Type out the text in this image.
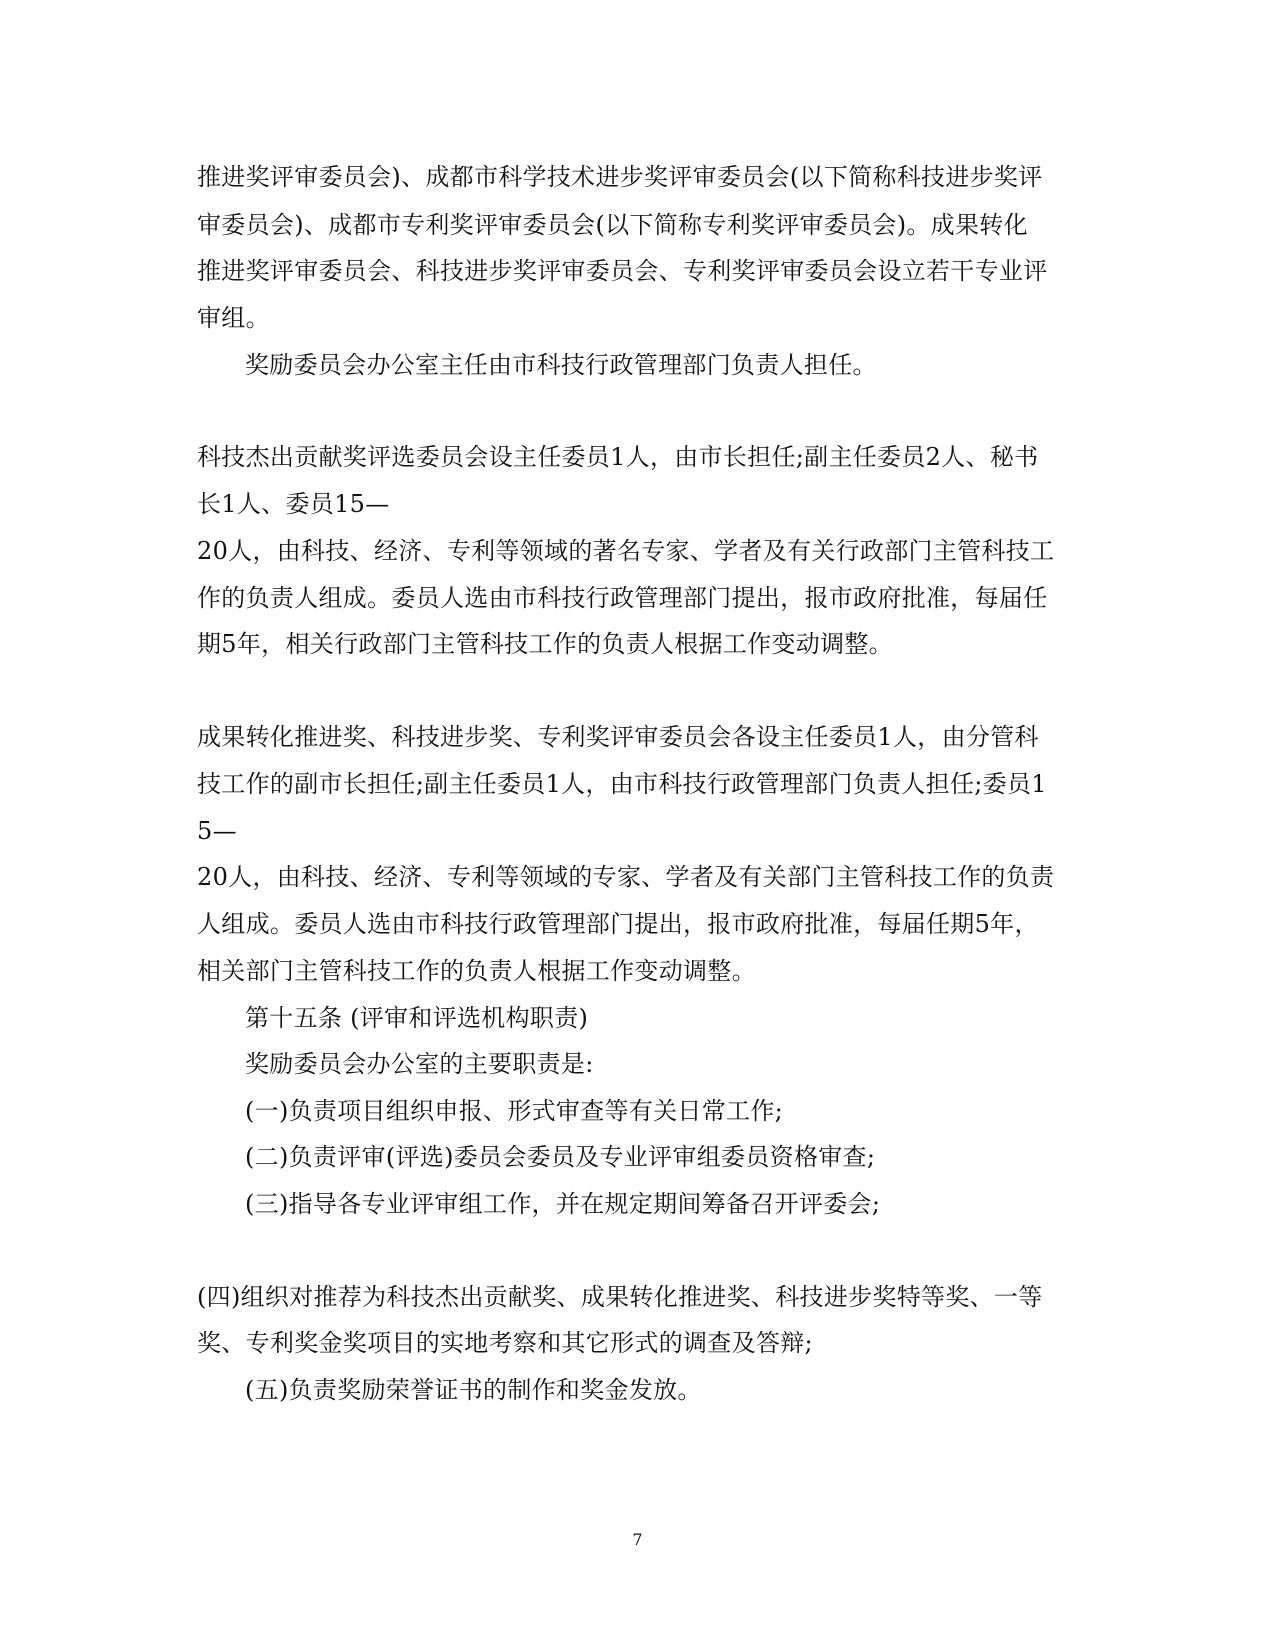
推进奖评审委员会)、成都市科学技术进步奖评审委员会(以下简称科技进步奖评
审委员会)、成都市专利奖评审委员会(以下简称专利奖评审委员会)。成果转化
推进奖评审委员会、科技进步奖评审委员会、专利奖评审委员会设立若干专业评
审组。
奖励委员会办公室主任由市科技行政管理部门负责人担任。
科技杰出贡献奖评选委员会设主任委员1人，由市长担任;副主任委员2人、秘书
长1人、委员15—
20人，由科技、经济、专利等领域的著名专家、学者及有关行政部门主管科技工
作的负责人组成。委员人选由市科技行政管理部门提出，报市政府批准，每届任
期5年，相关行政部门主管科技工作的负责人根据工作变动调整。
成果转化推进奖、科技进步奖、专利奖评审委员会各设主任委员1人，由分管科
技工作的副市长担任;副主任委员1人，由市科技行政管理部门负责人担任;委员1
5—
20人，由科技、经济、专利等领域的专家、学者及有关部门主管科技工作的负责
人组成。委员人选由市科技行政管理部门提出，报市政府批准，每届任期5年，
相关部门主管科技工作的负责人根据工作变动调整。
第十五条 (评审和评选机构职责)
奖励委员会办公室的主要职责是:
(一)负责项目组织申报、形式审查等有关日常工作;
(二)负责评审(评选)委员会委员及专业评审组委员资格审查;
(三)指导各专业评审组工作，并在规定期间筹备召开评委会;
(四)组织对推荐为科技杰出贡献奖、成果转化推进奖、科技进步奖特等奖、一等
奖、专利奖金奖项目的实地考察和其它形式的调查及答辩;
(五)负责奖励荣誉证书的制作和奖金发放。
7
